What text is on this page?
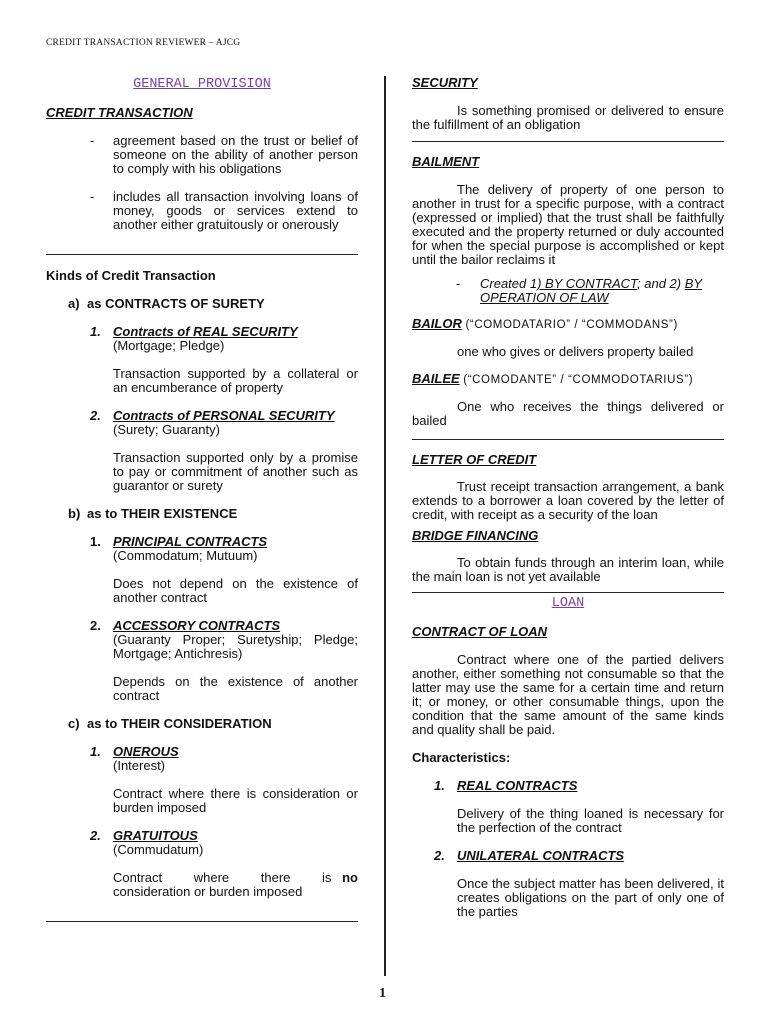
CREDIT TRANSACTION REVIEWER – AJCG
GENERAL PROVISION
CREDIT TRANSACTION
- agreement based on the trust or belief of someone on the ability of another person to comply with his obligations
- includes all transaction involving loans of money, goods or services extend to another either gratuitously or onerously
Kinds of Credit Transaction
a) as CONTRACTS OF SURETY
1. Contracts of REAL SECURITY
(Mortgage; Pledge)
Transaction supported by a collateral or an encumberance of property
2. Contracts of PERSONAL SECURITY
(Surety; Guaranty)
Transaction supported only by a promise to pay or commitment of another such as guarantor or surety
b) as to THEIR EXISTENCE
1. PRINCIPAL CONTRACTS
(Commodatum; Mutuum)
Does not depend on the existence of another contract
2. ACCESSORY CONTRACTS
(Guaranty Proper; Suretyship; Pledge; Mortgage; Antichresis)
Depends on the existence of another contract
c) as to THEIR CONSIDERATION
1. ONEROUS
(Interest)
Contract where there is consideration or burden imposed
2. GRATUITOUS
(Commudatum)
Contract where there is no
consideration or burden imposed
SECURITY
Is something promised or delivered to ensure the fulfillment of an obligation
BAILMENT
The delivery of property of one person to another in trust for a specific purpose, with a contract (expressed or implied) that the trust shall be faithfully executed and the property returned or duly accounted for when the special purpose is accomplished or kept until the bailor reclaims it
- Created 1) BY CONTRACT; and 2) BY OPERATION OF LAW
BAILOR (“COMODATARIO” / “COMMODANS”)
one who gives or delivers property bailed
BAILEE (“COMODANTE” / “COMMODOTARIUS”)
One who receives the things delivered or bailed
LETTER OF CREDIT
Trust receipt transaction arrangement, a bank extends to a borrower a loan covered by the letter of credit, with receipt as a security of the loan
BRIDGE FINANCING
To obtain funds through an interim loan, while the main loan is not yet available
LOAN
CONTRACT OF LOAN
Contract where one of the partied delivers another, either something not consumable so that the latter may use the same for a certain time and return it; or money, or other consumable things, upon the condition that the same amount of the same kinds and quality shall be paid.
Characteristics:
1. REAL CONTRACTS
Delivery of the thing loaned is necessary for the perfection of the contract
2. UNILATERAL CONTRACTS
Once the subject matter has been delivered, it creates obligations on the part of only one of the parties
1
